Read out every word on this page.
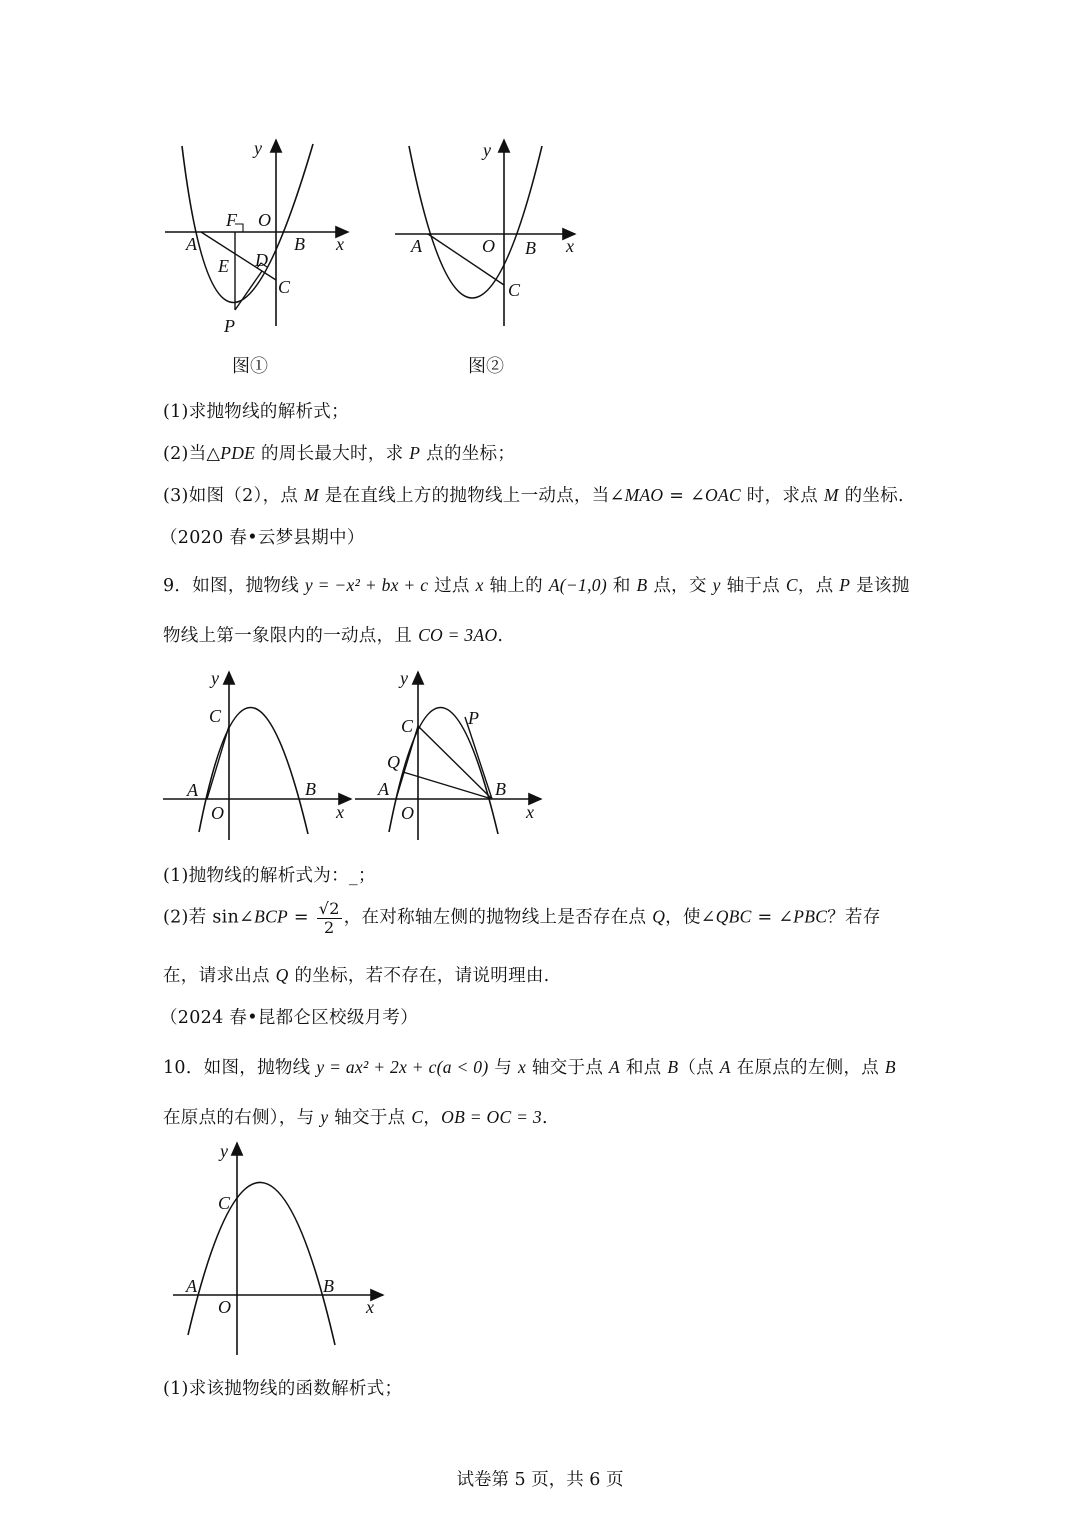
y
x
O
F
A	B
E D
C
P
图①
y
x
O
A	B
C
图②
(1)求抛物线的解析式；
(2)当△PDE 的周长最大时，求 P 点的坐标；
(3)如图（2），点 M 是在直线上方的抛物线上一动点，当∠MAO = ∠OAC 时，求点 M 的坐标.
（2020 春•云梦县期中）
9．如图，抛物线 y = −x² + bx + c 过点 x 轴上的 A(−1,0) 和 B 点，交 y 轴于点 C，点 P 是该抛
物线上第一象限内的一动点，且 CO = 3AO.
y
x
O
A	B
C
y
x
O
A	B
C	P
Q
(1)抛物线的解析式为：_；
(2)若 sin∠BCP = $\frac{√2}{2}$ ，在对称轴左侧的抛物线上是否存在点 Q，使∠QBC = ∠PBC？若存
在，请求出点 Q 的坐标，若不存在，请说明理由.
（2024 春•昆都仑区校级月考）
10．如图，抛物线 y = ax² + 2x + c(a < 0) 与 x 轴交于点 A 和点 B（点 A 在原点的左侧，点 B
在原点的右侧），与 y 轴交于点 C，OB = OC = 3.
y
x
O
A	B
C
(1)求该抛物线的函数解析式；
试卷第 5 页，共 6 页
